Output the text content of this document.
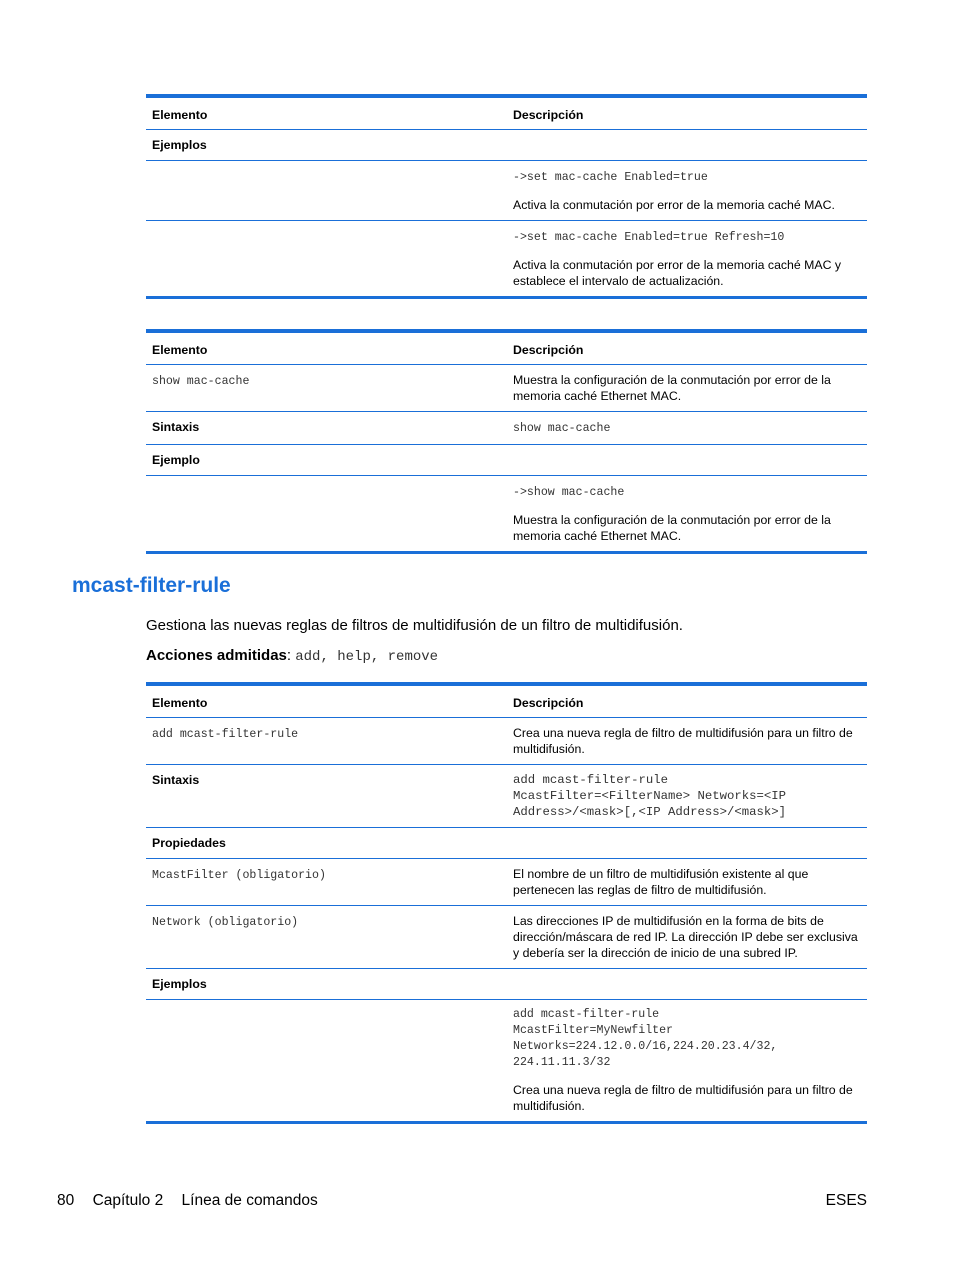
Elemento	Descripción
Ejemplos	
	->set mac-cache Enabled=true
Activa la conmutación por error de la memoria caché MAC.

	->set mac-cache Enabled=true Refresh=10
Activa la conmutación por error de la memoria caché MAC y establece el intervalo de actualización.
Elemento	Descripción
show mac-cache	Muestra la configuración de la conmutación por error de la memoria caché Ethernet MAC.
Sintaxis	show mac-cache
Ejemplo	
	->show mac-cache
Muestra la configuración de la conmutación por error de la memoria caché Ethernet MAC.
mcast-filter-rule

Gestiona las nuevas reglas de filtros de multidifusión de un filtro de multidifusión.

Acciones admitidas: add, help, remove

Elemento	Descripción
add mcast-filter-rule	Crea una nueva regla de filtro de multidifusión para un filtro de multidifusión.
Sintaxis	add mcast-filter-rule
McastFilter=<FilterName> Networks=<IP
Address>/<mask>[,<IP Address>/<mask>]

Propiedades	
McastFilter (obligatorio)	El nombre de un filtro de multidifusión existente al que pertenecen las reglas de filtro de multidifusión.
Network (obligatorio)	Las direcciones IP de multidifusión en la forma de bits de dirección/máscara de red IP. La dirección IP debe ser exclusiva y debería ser la dirección de inicio de una subred IP.
Ejemplos	

	add mcast-filter-rule
McastFilter=MyNewfilter
Networks=224.12.0.0/16,224.20.23.4/32,
224.11.11.3/32
Crea una nueva regla de filtro de multidifusión para un filtro de multidifusión.
80 Capítulo 2 Línea de comandos	ESES
